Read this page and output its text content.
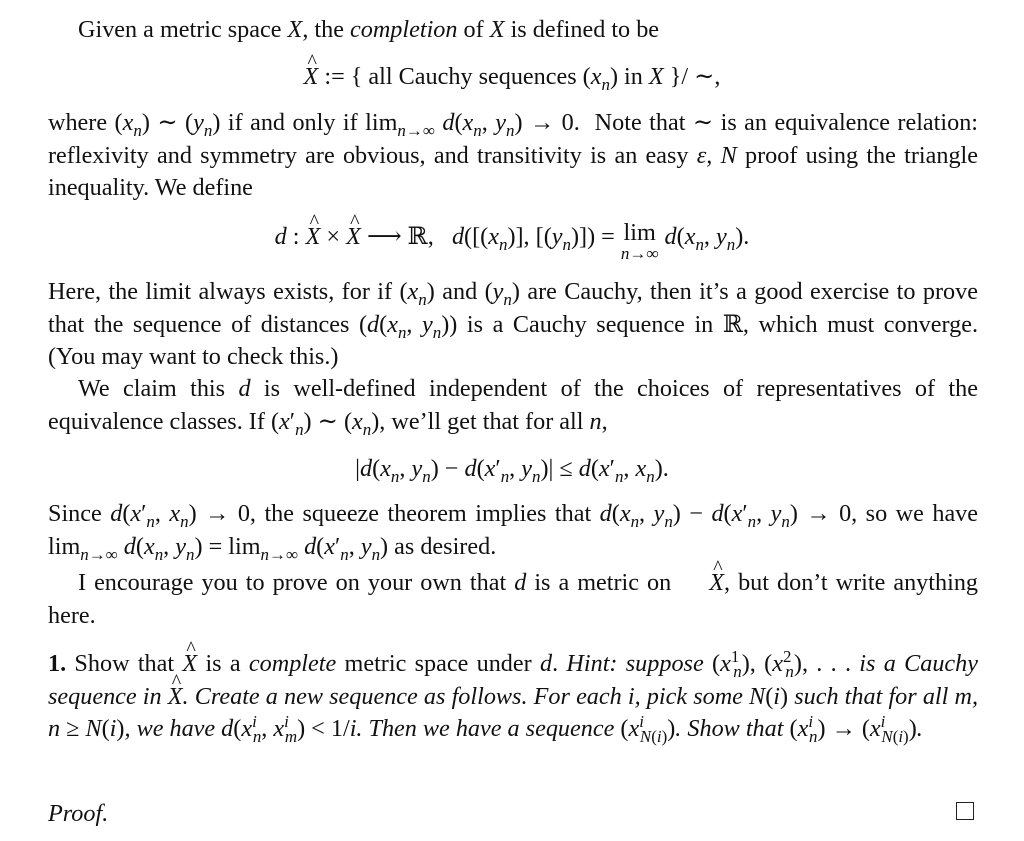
Given a metric space X, the completion of X is defined to be

^ X := { all Cauchy sequences $(x_n)$ in X }/ ∼,

where $(x_n)$ ∼ $(y_n)$ if and only if $\lim_{n\to\infty} d(x_n$, $y_n) \to 0$.  Note that ∼ is an equivalence relation: reflexivity and symmetry are obvious, and transitivity is an easy ε, N proof using the triangle inequality. We define

d : ^ X × ^ X ⟶ ℝ,   $d([(x_n)]$, $[(y_n)]) = \lim$
n→∞
$d(x_n$, $y_n$).

Here, the limit always exists, for if $(x_n)$ and $(y_n)$ are Cauchy, then it’s a good exercise to prove that the sequence of distances ($d(x_n$, $y_n$)) is a Cauchy sequence in ℝ, which must converge. (You may want to check this.)

We claim this d is well-defined independent of the choices of representatives of the equivalence classes. If $(x'_n)$ ∼ $(x_n)$, we’ll get that for all n,

$|d(x_n$, $y_n) - d(x'_n$, $y_n)| \le d(x'_n$, $x_n$).

Since $d(x'_n$, $x_n) \to 0$, the squeeze theorem implies that $d(x_n$, $y_n) - d(x'_n$, $y_n) \to 0$, so we have $\lim_{n\to\infty} d(x_n$, $y_n) = \lim_{n\to\infty} d(x'_n$, $y_n$) as desired.

I encourage you to prove on your own that d is a metric on ^ X, but don’t write anything here.

1. Show that ^ X is a complete metric space under d. Hint: suppose $(x^1_n)$, $(x^2_n)$, . . . is a Cauchy sequence in ^ X. Create a new sequence as follows. For each i, pick some N(i) such that for all m, n ≥ N(i), we have $d(x^i_n$, $x^i_m) < 1/i$. Then we have a sequence $(x^i_{N(i)})$. Show that $(x^i_n) \to (x^i_{N(i)})$.

Proof.
